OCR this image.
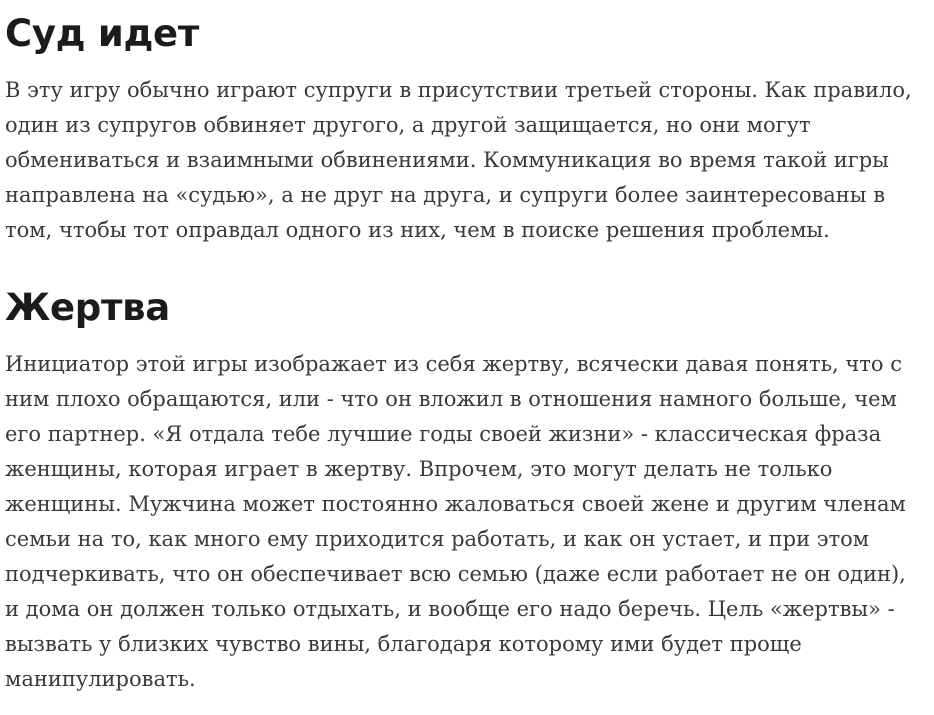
Суд идет

В эту игру обычно играют супруги в присутствии третьей стороны. Как правило,
один из супругов обвиняет другого, а другой защищается, но они могут
обмениваться и взаимными обвинениями. Коммуникация во время такой игры
направлена на «судью», а не друг на друга, и супруги более заинтересованы в
том, чтобы тот оправдал одного из них, чем в поиске решения проблемы.

Жертва

Инициатор этой игры изображает из себя жертву, всячески давая понять, что с
ним плохо обращаются, или - что он вложил в отношения намного больше, чем
его партнер. «Я отдала тебе лучшие годы своей жизни» - классическая фраза
женщины, которая играет в жертву. Впрочем, это могут делать не только
женщины. Мужчина может постоянно жаловаться своей жене и другим членам
семьи на то, как много ему приходится работать, и как он устает, и при этом
подчеркивать, что он обеспечивает всю семью (даже если работает не он один),
и дома он должен только отдыхать, и вообще его надо беречь. Цель «жертвы» -
вызвать у близких чувство вины, благодаря которому ими будет проще
манипулировать.
